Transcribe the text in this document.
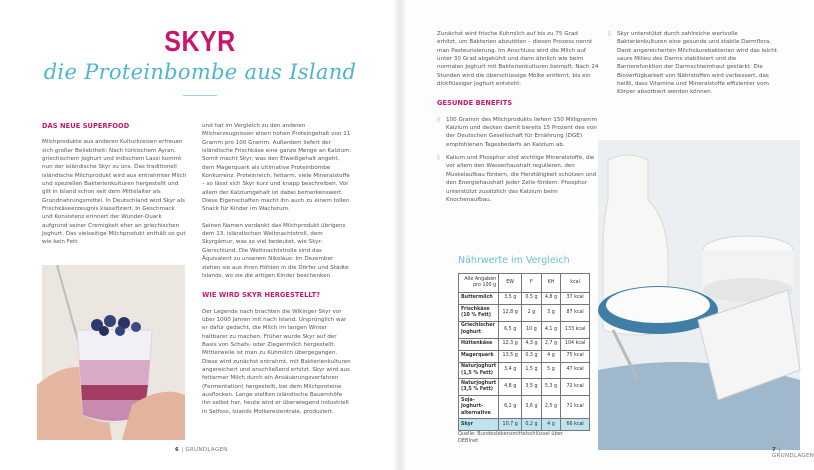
SKYR
die Proteinbombe aus Island
DAS NEUE SUPERFOOD

Milchprodukte aus anderen Kulturkreisen erfreuen sich großer Beliebtheit: Nach türkischem Ayran, griechischem Joghurt und indischem Lassi kommt nun der isländische Skyr zu uns. Das traditionell isländische Milchprodukt wird aus entrahmter Milch und speziellen Bakterienkulturen hergestellt und gilt in Island schon seit dem Mittelalter als Grundnahrungsmittel. In Deutschland wird Skyr als Frischkäseerzeugnis klassifiziert. In Geschmack und Konsistenz erinnert der Wunder-Quark aufgrund seiner Cremigkeit eher an griechischen Joghurt. Das vielseitige Milchprodukt enthält so gut wie kein Fett

und hat im Vergleich zu den anderen Milcherzeugnissen einen hohen Proteingehalt von 11 Gramm pro 100 Gramm. Außerdem liefert der isländische Frischkäse eine ganze Menge an Kalzium. Somit macht Skyr, was den Eiweißgehalt angeht, dem Magerquark als ultimative Proteinbombe Konkurrenz. Proteinreich, fettarm, viele Mineralstoffe – so lässt sich Skyr kurz und knapp beschreiben. Vor allem der Kalziumgehalt ist dabei bemerkenswert. Diese Eigenschaften macht ihn auch zu einem tollen Snack für Kinder im Wachstum.

Seinen Namen verdankt das Milchprodukt übrigens dem 13. isländischen Weihnachtstroll, dem Skyrgámur, was so viel bedeutet, wie Skyr-Gierschlund. Die Weihnachtstrolle sind das Äquivalent zu unserem Nikolaus: Im Dezember ziehen sie aus ihren Höhlen in die Dörfer und Städte Islands, wo sie die artigen Kinder beschenken.

WIE WIRD SKYR HERGESTELLT?

Der Legende nach brachten die Wikinger Skyr vor über 1000 Jahren mit nach Island. Ursprünglich war er dafür gedacht, die Milch im langen Winter haltbarer zu machen. Früher wurde Skyr auf der Basis von Schafs- oder Ziegenmilch hergestellt. Mittlerweile ist man zu Kuhmilch übergegangen. Diese wird zunächst entrahmt, mit Bakterienkulturen angereichert und anschließend erhitzt. Skyr wird aus fettarmer Milch durch ein Ansäuerungsverfahren (Fermentation) hergestellt, bei dem Milchproteine ausflocken. Lange stellten isländische Bauernhöfe ihn selbst her, heute wird er überwiegend industriell in Selfoss, Islands Molkereizentrale, produziert.

6 | GRUNDLAGEN

Zunächst wird frische Kuhmilch auf bis zu 75 Grad erhitzt, um Bakterien abzutöten – diesen Prozess nennt man Pasteurisierung. Im Anschluss wird die Milch auf unter 30 Grad abgekühlt und dann ähnlich wie beim normalen Joghurt mit Bakterienkulturen beimpft. Nach 24 Stunden wird die überschüssige Molke entfernt, bis ein dickflüssiger Joghurt entsteht.

GESUNDE BENEFITS
◊ 100 Gramm des Milchprodukts liefern 150 Milligramm Kalzium und decken damit bereits 15 Prozent des von der Deutschen Gesellschaft für Ernährung (DGE) empfohlenen Tagesbedarfs an Kalzium ab.
◊ Kalium und Phosphor sind wichtige Mineralstoffe, die vor allem den Wasserhaushalt regulieren, den Muskelaufbau fördern, die Herztätigkeit schützen und den Energiehaushalt jeder Zelle fördern. Phosphor unterstützt zusätzlich das Kalzium beim Knochenaufbau.
◊ Skyr unterstützt durch zahlreiche wertvolle Bakterienkulturen eine gesunde und stabile Darmflora. Dank angereicherten Milchsäurebakterien wird das leicht saure Milieu des Darms stabilisiert und die Barrierefunktion der Darmschleimhaut gestärkt. Die Bioverfügbarkeit von Nährstoffen wird verbessert, das heißt, dass Vitamine und Mineralstoffe effizienter vom Körper absorbiert werden können.
7 | GRUNDLAGEN
Nährwerte im Vergleich
Alle Angaben pro 100 g	EW	F	KH	kcal
Buttermilch	3,5 g	0,5 g	4,8 g	37 kcal
Frischkäse (10 % Fett)	12,8 g	2 g	3 g	87 kcal
Griechischer Joghurt	6,5 g	10 g	4,1 g	133 kcal
Hüttenkäse	12,3 g	4,3 g	2,7 g	104 kcal
Magerquark	13,5 g	0,3 g	4 g	75 kcal
Naturjoghurt (1,5 % Fett)	3,4 g	1,5 g	5 g	47 kcal
Naturjoghurt (3,5 % Fett)	4,8 g	3,5 g	5,3 g	72 kcal
Soja-Joghurt-alternative	6,2 g	3,6 g	2,5 g	71 kcal
Skyr	10,7 g	0,2 g	4 g	66 kcal
Quelle: Bundeslebensmittelschlüssel über DEBInet
